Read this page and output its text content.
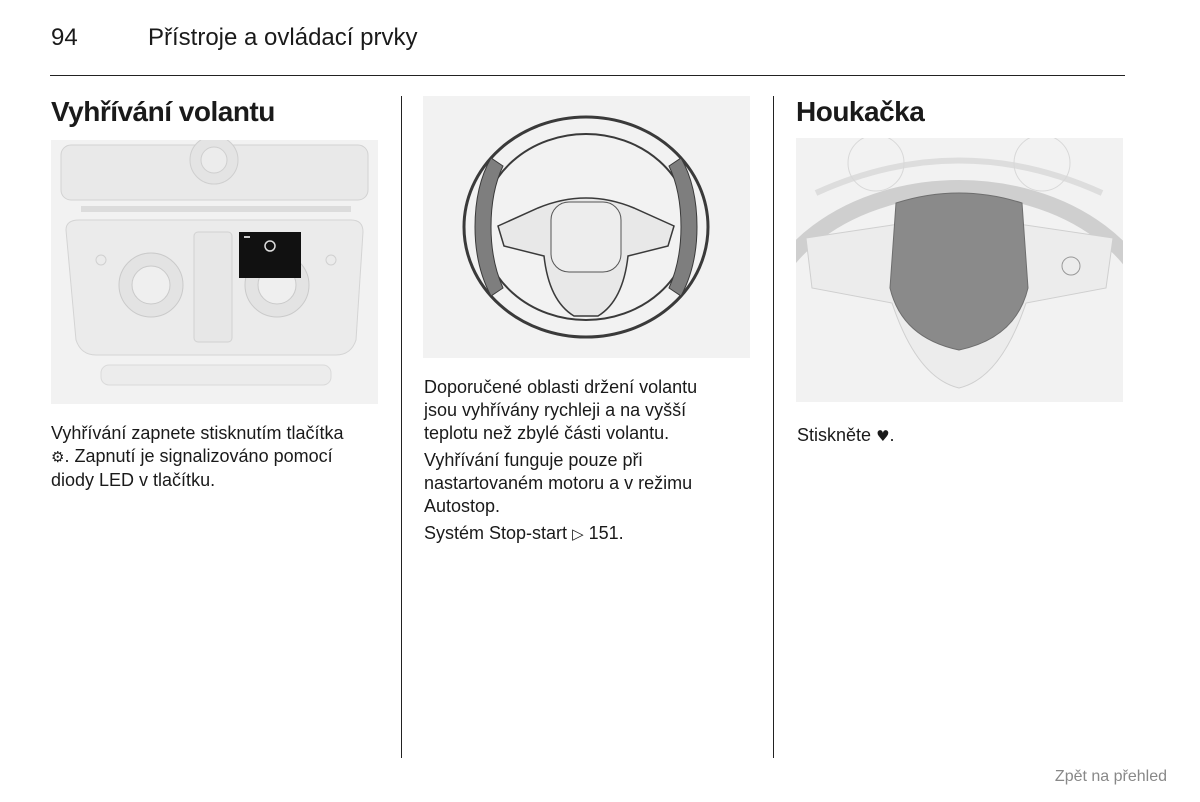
94	Přístroje a ovládací prvky
Vyhřívání volantu

Vyhřívání zapnete stisknutím tlačítka
⚙. Zapnutí je signalizováno pomocí
diody LED v tlačítku.

Doporučené oblasti držení volantu
jsou vyhřívány rychleji a na vyšší
teplotu než zbylé části volantu.

Vyhřívání funguje pouze při
nastartovaném motoru a v režimu
Autostop.

Systém Stop-start ▷ 151.

Houkačka

Stiskněte ♥.

Zpět na přehled
